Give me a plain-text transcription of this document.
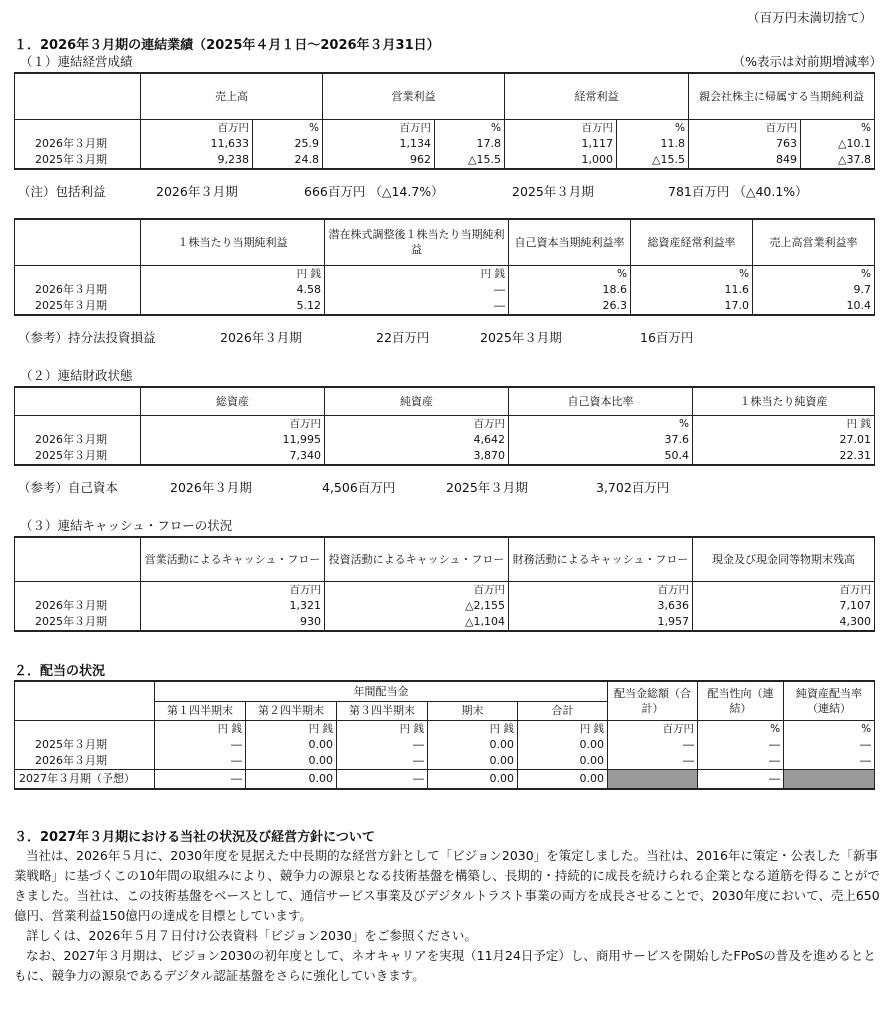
（百万円未満切捨て）
１．2026年３月期の連結業績（2025年４月１日～2026年３月31日）
（１）連結経営成績	（%表示は対前期増減率）
	売上高		営業利益		経常利益		親会社株主に帰属する当期純利益	
	百万円	%	百万円	%	百万円	%	百万円	%
2026年３月期	11,633	25.9	1,134	17.8	1,117	11.8	763	△10.1
2025年３月期	9,238	24.8	962	△15.5	1,000	△15.5	849	△37.8
（注）包括利益	2026年３月期	666百万円 （△14.7%）	2025年３月期	781百万円 （△40.1%）
	１株当たり当期純利益	潜在株式調整後１株当たり当期純利益	自己資本当期純利益率	総資産経常利益率	売上高営業利益率
	円 銭	円 銭	%	%	%
2026年３月期	4.58	―	18.6	11.6	9.7
2025年３月期	5.12	―	26.3	17.0	10.4
（参考）持分法投資損益	2026年３月期	22百万円	2025年３月期	16百万円
（２）連結財政状態
	総資産	純資産	自己資本比率	１株当たり純資産
	百万円	百万円	%	円 銭
2026年３月期	11,995	4,642	37.6	27.01
2025年３月期	7,340	3,870	50.4	22.31
（参考）自己資本	2026年３月期	4,506百万円	2025年３月期	3,702百万円
（３）連結キャッシュ・フローの状況
	営業活動によるキャッシュ・フロー	投資活動によるキャッシュ・フロー	財務活動によるキャッシュ・フロー	現金及び現金同等物期末残高
	百万円	百万円	百万円	百万円
2026年３月期	1,321	△2,155	3,636	7,107
2025年３月期	930	△1,104	1,957	4,300
２．配当の状況
	年間配当金					配当金総額（合計）	配当性向（連結）	純資産配当率（連結）
	第１四半期末	第２四半期末	第３四半期末	期末	合計			
	円 銭	円 銭	円 銭	円 銭	円 銭	百万円	%	%
2025年３月期	―	0.00	―	0.00	0.00	―	―	―
2026年３月期	―	0.00	―	0.00	0.00	―	―	―
2027年３月期（予想）	―	0.00	―	0.00	0.00		―	
３．2027年３月期における当社の状況及び経営方針について

当社は、2026年５月に、2030年度を見据えた中長期的な経営方針として「ビジョン2030」を策定しました。当社は、2016年に策定・公表した「新事業戦略」に基づくこの10年間の取組みにより、競争力の源泉となる技術基盤を構築し、長期的・持続的に成長を続けられる企業となる道筋を得ることができました。当社は、この技術基盤をベースとして、通信サービス事業及びデジタルトラスト事業の両方を成長させることで、2030年度において、売上650億円、営業利益150億円の達成を目標としています。

詳しくは、2026年５月７日付け公表資料「ビジョン2030」をご参照ください。

なお、2027年３月期は、ビジョン2030の初年度として、ネオキャリアを実現（11月24日予定）し、商用サービスを開始したFPoSの普及を進めるとともに、競争力の源泉であるデジタル認証基盤をさらに強化していきます。
